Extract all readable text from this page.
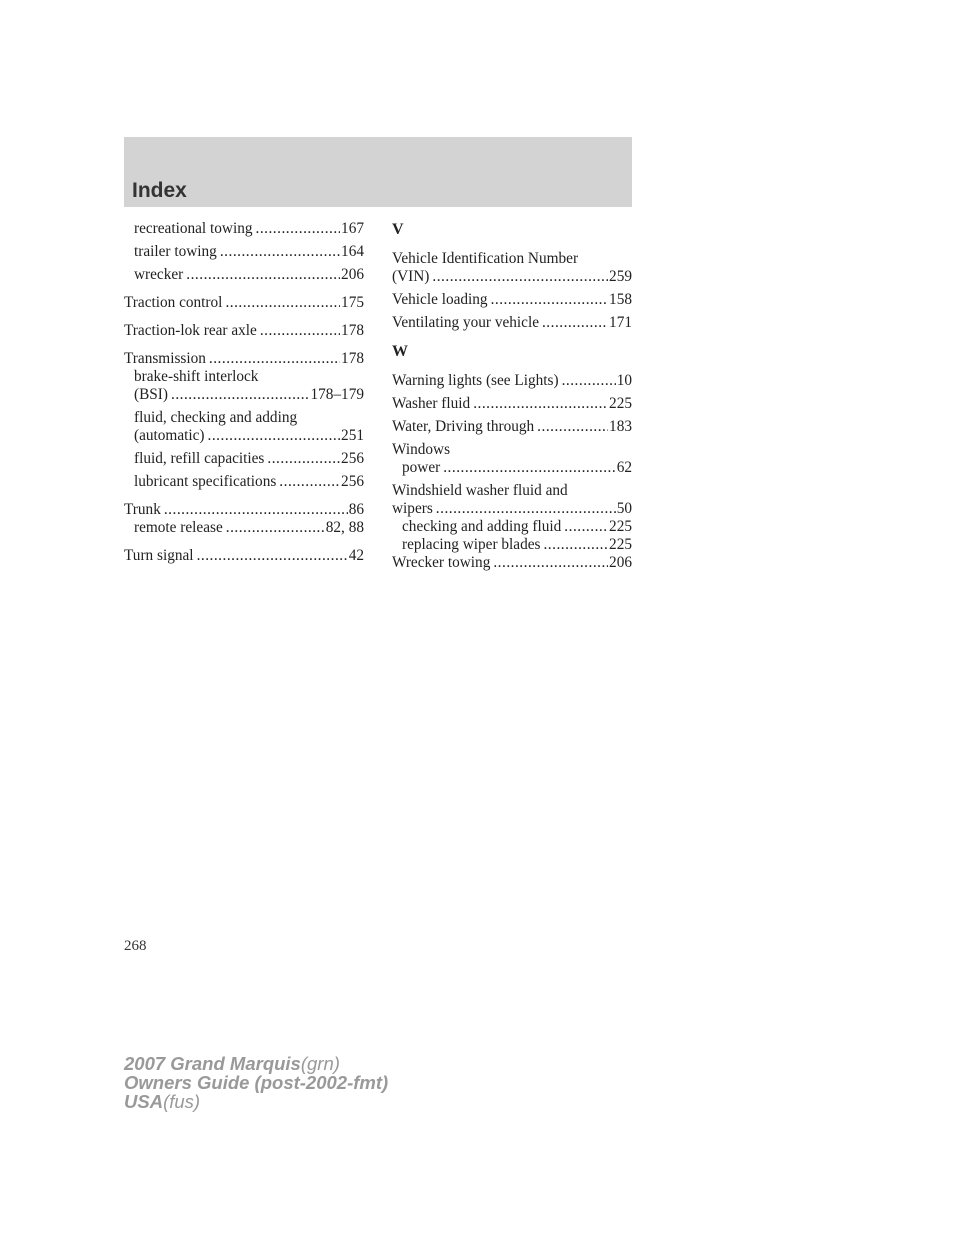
Index
recreational towing .....	167
trailer towing .....	164
wrecker .....	206
Traction control .....	175
Traction-lok rear axle .....	178
Transmission .....	178
brake-shift interlock
(BSI) .....	178–179
fluid, checking and adding
(automatic) .....	251
fluid, refill capacities .....	256
lubricant specifications .....	256
Trunk .....	86
remote release .....	82, 88
Turn signal .....	42
V
Vehicle Identification Number
(VIN) .....	259
Vehicle loading .....	158
Ventilating your vehicle .....	171
W
Warning lights (see Lights) .....	10
Washer fluid .....	225
Water, Driving through .....	183
Windows
power .....	62
Windshield washer fluid and
wipers .....	50
checking and adding fluid .....	225
replacing wiper blades .....	225
Wrecker towing .....	206
268
2007 Grand Marquis(grn)
Owners Guide (post-2002-fmt)
USA(fus)
